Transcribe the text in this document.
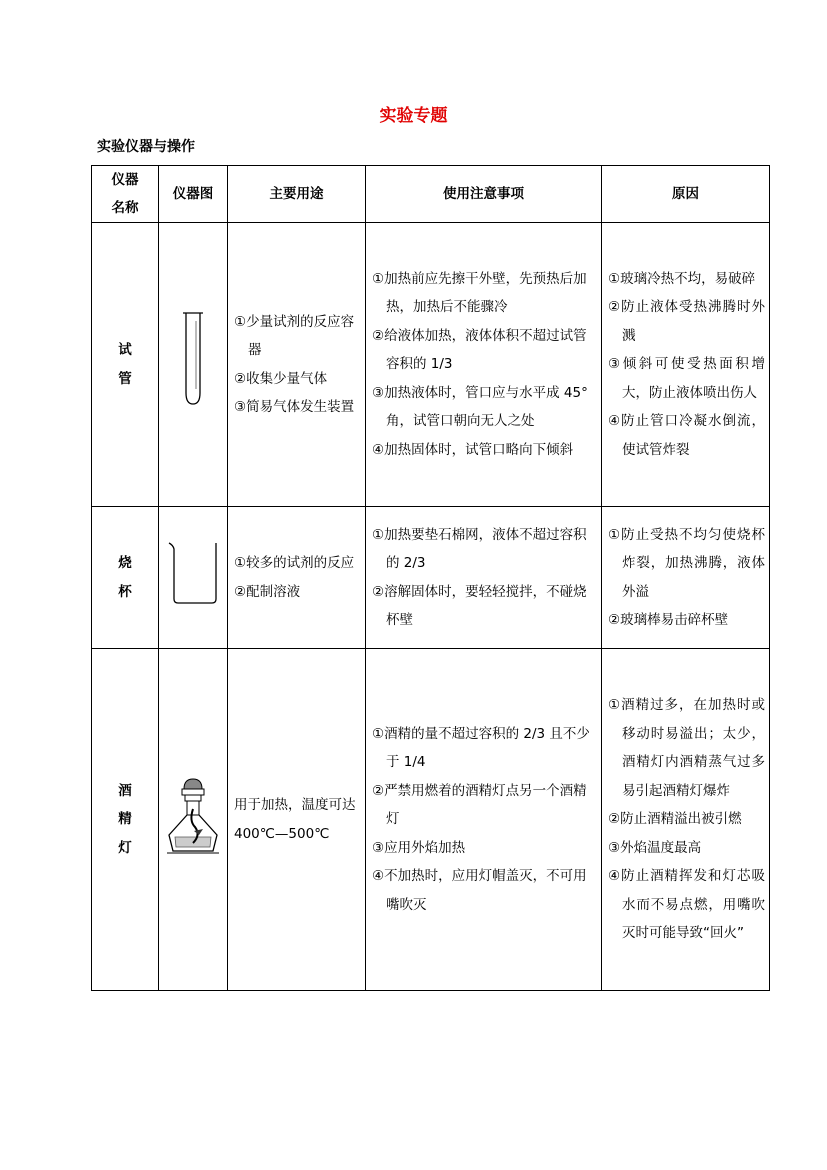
实验专题
实验仪器与操作
仪器
名称	仪器图	主要用途	使用注意事项	原因

试
管		①少量试剂的反应容器
②收集少量气体
③简易气体发生装置	①加热前应先擦干外壁，先预热后加热，加热后不能骤冷
②给液体加热，液体体积不超过试管容积的 1/3
③加热液体时，管口应与水平成 45° 角，试管口朝向无人之处
④加热固体时，试管口略向下倾斜	①玻璃冷热不均，易破碎
②防止液体受热沸腾时外溅
③倾斜可使受热面积增大，防止液体喷出伤人
④防止管口冷凝水倒流，使试管炸裂

烧
杯		①较多的试剂的反应
②配制溶液	①加热要垫石棉网，液体不超过容积的 2/3
②溶解固体时，要轻轻搅拌，不碰烧杯壁	①防止受热不均匀使烧杯炸裂，加热沸腾，液体外溢
②玻璃棒易击碎杯壁

酒
精
灯		用于加热，温度可达
400℃—500℃	①酒精的量不超过容积的 2/3 且不少于 1/4
②严禁用燃着的酒精灯点另一个酒精灯
③应用外焰加热
④不加热时，应用灯帽盖灭，不可用嘴吹灭	①酒精过多，在加热时或移动时易溢出；太少，酒精灯内酒精蒸气过多易引起酒精灯爆炸
②防止酒精溢出被引燃
③外焰温度最高
④防止酒精挥发和灯芯吸水而不易点燃，用嘴吹灭时可能导致“回火”
